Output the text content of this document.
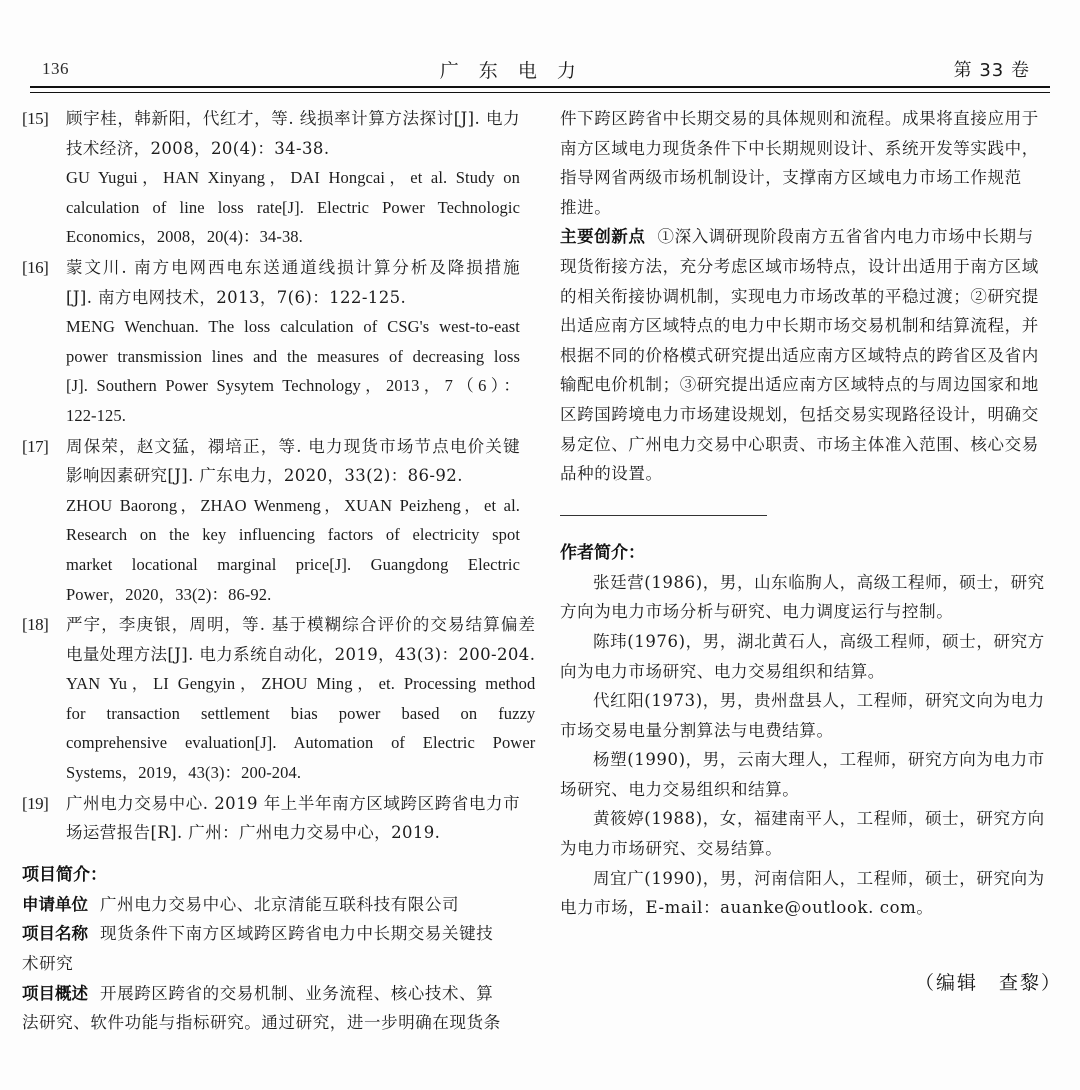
136	广 东 电 力	第 33 卷
[15]	顾宇桂，韩新阳，代红才，等. 线损率计算方法探讨[J]. 电力
技术经济，2008，20(4)：34-38.
GU Yugui，HAN Xinyang，DAI Hongcai，et al. Study on
calculation of line loss rate[J]. Electric Power Technologic
Economics，2008，20(4)：34-38.
[16]	蒙文川. 南方电网西电东送通道线损计算分析及降损措施
[J]. 南方电网技术，2013，7(6)：122-125.
MENG Wenchuan. The loss calculation of CSG's west-to-east
power transmission lines and the measures of decreasing loss
[J]. Southern Power Sysytem Technology，2013，7（6）：
122-125.
[17]	周保荣，赵文猛，禤培正，等. 电力现货市场节点电价关键
影响因素研究[J]. 广东电力，2020，33(2)：86-92.
ZHOU Baorong，ZHAO Wenmeng，XUAN Peizheng，et al.
Research on the key influencing factors of electricity spot
market locational marginal price[J]. Guangdong Electric
Power，2020，33(2)：86-92.
[18]	严宇，李庚银，周明，等. 基于模糊综合评价的交易结算偏差
电量处理方法[J]. 电力系统自动化，2019，43(3)：200-204.
YAN Yu，LI Gengyin，ZHOU Ming，et. Processing method
for transaction settlement bias power based on fuzzy
comprehensive evaluation[J]. Automation of Electric Power
Systems，2019，43(3)：200-204.
[19]	广州电力交易中心. 2019 年上半年南方区域跨区跨省电力市
场运营报告[R]. 广州：广州电力交易中心，2019.
项目简介：
申请单位 广州电力交易中心、北京清能互联科技有限公司
项目名称 现货条件下南方区域跨区跨省电力中长期交易关键技
术研究
项目概述 开展跨区跨省的交易机制、业务流程、核心技术、算
法研究、软件功能与指标研究。通过研究，进一步明确在现货条
件下跨区跨省中长期交易的具体规则和流程。成果将直接应用于
南方区域电力现货条件下中长期规则设计、系统开发等实践中，
指导网省两级市场机制设计，支撑南方区域电力市场工作规范
推进。
主要创新点 ①深入调研现阶段南方五省省内电力市场中长期与
现货衔接方法，充分考虑区域市场特点，设计出适用于南方区域
的相关衔接协调机制，实现电力市场改革的平稳过渡；②研究提
出适应南方区域特点的电力中长期市场交易机制和结算流程，并
根据不同的价格模式研究提出适应南方区域特点的跨省区及省内
输配电价机制；③研究提出适应南方区域特点的与周边国家和地
区跨国跨境电力市场建设规划，包括交易实现路径设计，明确交
易定位、广州电力交易中心职责、市场主体准入范围、核心交易
品种的设置。
作者简介：
张廷营(1986)，男，山东临朐人，高级工程师，硕士，研究
方向为电力市场分析与研究、电力调度运行与控制。
陈玮(1976)，男，湖北黄石人，高级工程师，硕士，研究方
向为电力市场研究、电力交易组织和结算。
代红阳(1973)，男，贵州盘县人，工程师，研究文向为电力
市场交易电量分割算法与电费结算。
杨塑(1990)，男，云南大理人，工程师，研究方向为电力市
场研究、电力交易组织和结算。
黄筱婷(1988)，女，福建南平人，工程师，硕士，研究方向
为电力市场研究、交易结算。
周宜广(1990)，男，河南信阳人，工程师，硕士，研究向为
电力市场，E-mail：auanke@outlook. com。
（编辑　查黎）
